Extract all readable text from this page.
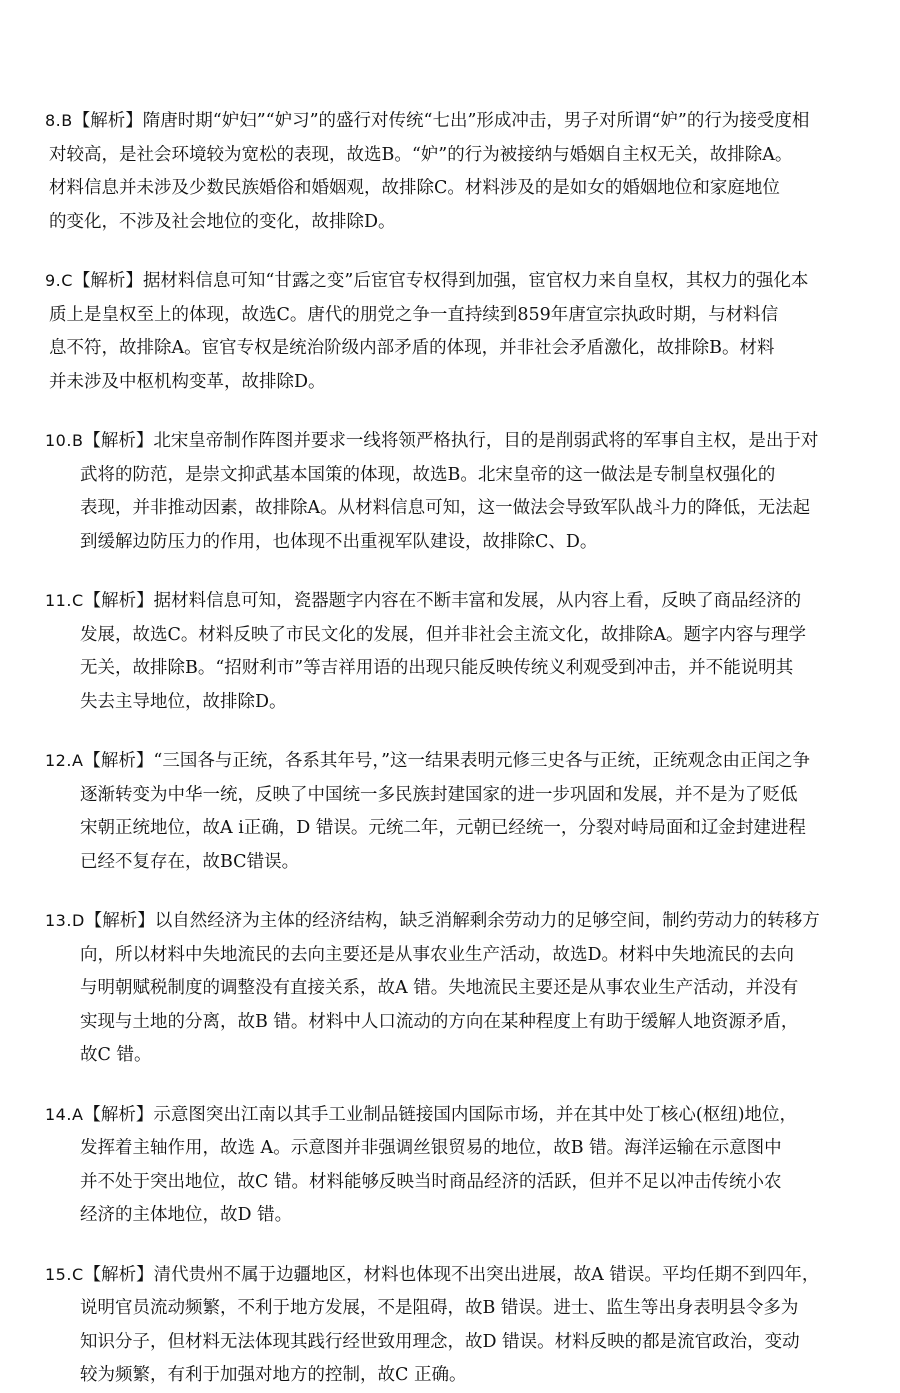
8.B【解析】隋唐时期“妒妇”“妒习”的盛行对传统“七出”形成冲击，男子对所谓“妒”的行为接受度相
对较高，是社会环境较为宽松的表现，故选B。“妒”的行为被接纳与婚姻自主权无关，故排除A。
材料信息并未涉及少数民族婚俗和婚姻观，故排除C。材料涉及的是如女的婚姻地位和家庭地位
的变化，不涉及社会地位的变化，故排除D。
9.C【解析】据材料信息可知“甘露之变”后宦官专权得到加强，宦官权力来自皇权，其权力的强化本
质上是皇权至上的体现，故选C。唐代的朋党之争一直持续到859年唐宣宗执政时期，与材料信
息不符，故排除A。宦官专权是统治阶级内部矛盾的体现，并非社会矛盾激化，故排除B。材料
并未涉及中枢机构变革，故排除D。
10.B【解析】北宋皇帝制作阵图并要求一线将领严格执行，目的是削弱武将的军事自主权，是出于对
武将的防范，是崇文抑武基本国策的体现，故选B。北宋皇帝的这一做法是专制皇权强化的
表现，并非推动因素，故排除A。从材料信息可知，这一做法会导致军队战斗力的降低，无法起
到缓解边防压力的作用，也体现不出重视军队建设，故排除C、D。
11.C【解析】据材料信息可知，瓷器题字内容在不断丰富和发展，从内容上看，反映了商品经济的
发展，故选C。材料反映了市民文化的发展，但并非社会主流文化，故排除A。题字内容与理学
无关，故排除B。“招财利市”等吉祥用语的出现只能反映传统义利观受到冲击，并不能说明其
失去主导地位，故排除D。
12.A【解析】“三国各与正统，各系其年号，”这一结果表明元修三史各与正统，正统观念由正闰之争
逐渐转变为中华一统，反映了中国统一多民族封建国家的进一步巩固和发展，并不是为了贬低
宋朝正统地位，故A ⅰ正确，D 错误。元统二年，元朝已经统一，分裂对峙局面和辽金封建进程
已经不复存在，故BC错误。
13.D【解析】以自然经济为主体的经济结构，缺乏消解剩余劳动力的足够空间，制约劳动力的转移方
向，所以材料中失地流民的去向主要还是从事农业生产活动，故选D。材料中失地流民的去向
与明朝赋税制度的调整没有直接关系，故A 错。失地流民主要还是从事农业生产活动，并没有
实现与土地的分离，故B 错。材料中人口流动的方向在某种程度上有助于缓解人地资源矛盾，
故C 错。
14.A【解析】示意图突出江南以其手工业制品链接国内国际市场，并在其中处丁核心(枢纽)地位，
发挥着主轴作用，故选 A。示意图并非强调丝银贸易的地位，故B 错。海洋运输在示意图中
并不处于突出地位，故C 错。材料能够反映当时商品经济的活跃，但并不足以冲击传统小农
经济的主体地位，故D 错。
15.C【解析】清代贵州不属于边疆地区，材料也体现不出突出进展，故A 错误。平均任期不到四年，
说明官员流动频繁，不利于地方发展，不是阻碍，故B 错误。进士、监生等出身表明县令多为
知识分子，但材料无法体现其践行经世致用理念，故D 错误。材料反映的都是流官政治，变动
较为频繁，有利于加强对地方的控制，故C 正确。
